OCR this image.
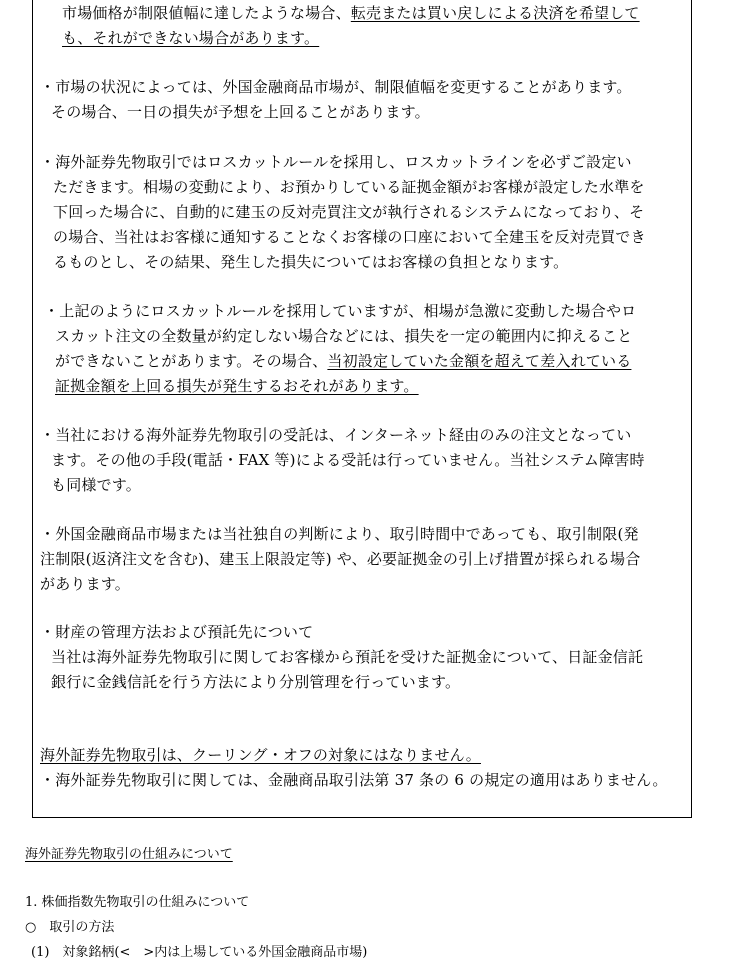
市場価格が制限値幅に達したような場合、転売または買い戻しによる決済を希望して

も、それができない場合があります。

・市場の状況によっては、外国金融商品市場が、制限値幅を変更することがあります。

その場合、一日の損失が予想を上回ることがあります。

・海外証券先物取引ではロスカットルールを採用し、ロスカットラインを必ずご設定い

ただきます。相場の変動により、お預かりしている証拠金額がお客様が設定した水準を

下回った場合に、自動的に建玉の反対売買注文が執行されるシステムになっており、そ

の場合、当社はお客様に通知することなくお客様の口座において全建玉を反対売買でき

るものとし、その結果、発生した損失についてはお客様の負担となります。

・上記のようにロスカットルールを採用していますが、相場が急激に変動した場合やロ

スカット注文の全数量が約定しない場合などには、損失を一定の範囲内に抑えること

ができないことがあります。その場合、当初設定していた金額を超えて差入れている

証拠金額を上回る損失が発生するおそれがあります。

・当社における海外証券先物取引の受託は、インターネット経由のみの注文となってい

ます。その他の手段(電話・FAX 等)による受託は行っていません。当社システム障害時

も同様です。

・外国金融商品市場または当社独自の判断により、取引時間中であっても、取引制限(発

注制限(返済注文を含む)、建玉上限設定等) や、必要証拠金の引上げ措置が採られる場合

があります。

・財産の管理方法および預託先について

当社は海外証券先物取引に関してお客様から預託を受けた証拠金について、日証金信託

銀行に金銭信託を行う方法により分別管理を行っています。

海外証券先物取引は、クーリング・オフの対象にはなりません。

・海外証券先物取引に関しては、金融商品取引法第 37 条の 6 の規定の適用はありません。

海外証券先物取引の仕組みについて
1. 株価指数先物取引の仕組みについて
○　取引の方法
(1)　対象銘柄(<　>内は上場している外国金融商品市場)
